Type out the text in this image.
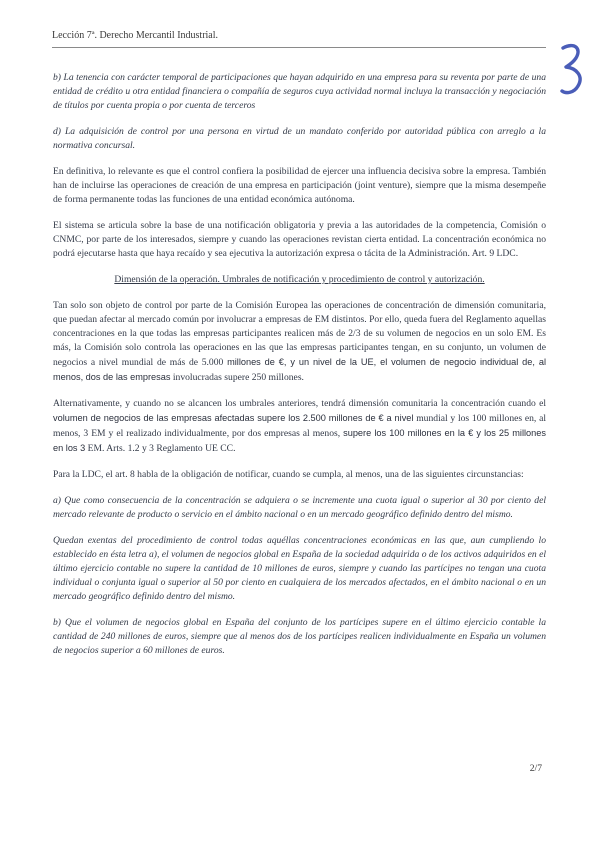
Lección 7ª. Derecho Mercantil Industrial.

b) La tenencia con carácter temporal de participaciones que hayan adquirido en una empresa para su reventa por parte de una entidad de crédito u otra entidad financiera o compañía de seguros cuya actividad normal incluya la transacción y negociación de títulos por cuenta propia o por cuenta de terceros

d) La adquisición de control por una persona en virtud de un mandato conferido por autoridad pública con arreglo a la normativa concursal.

En definitiva, lo relevante es que el control confiera la posibilidad de ejercer una influencia decisiva sobre la empresa. También han de incluirse las operaciones de creación de una empresa en participación (joint venture), siempre que la misma desempeñe de forma permanente todas las funciones de una entidad económica autónoma.

El sistema se articula sobre la base de una notificación obligatoria y previa a las autoridades de la competencia, Comisión o CNMC, por parte de los interesados, siempre y cuando las operaciones revistan cierta entidad. La concentración económica no podrá ejecutarse hasta que haya recaído y sea ejecutiva la autorización expresa o tácita de la Administración. Art. 9 LDC.

Dimensión de la operación. Umbrales de notificación y procedimiento de control y autorización.

Tan solo son objeto de control por parte de la Comisión Europea las operaciones de concentración de dimensión comunitaria, que puedan afectar al mercado común por involucrar a empresas de EM distintos. Por ello, queda fuera del Reglamento aquellas concentraciones en la que todas las empresas participantes realicen más de 2/3 de su volumen de negocios en un solo EM. Es más, la Comisión solo controla las operaciones en las que las empresas participantes tengan, en su conjunto, un volumen de negocios a nivel mundial de más de 5.000 millones de €, y un nivel de la UE, el volumen de negocio individual de, al menos, dos de las empresas involucradas supere 250 millones.

Alternativamente, y cuando no se alcancen los umbrales anteriores, tendrá dimensión comunitaria la concentración cuando el volumen de negocios de las empresas afectadas supere los 2.500 millones de € a nivel mundial y los 100 millones en, al menos, 3 EM y el realizado individualmente, por dos empresas al menos, supere los 100 millones en la € y los 25 millones en los 3 EM. Arts. 1.2 y 3 Reglamento UE CC.

Para la LDC, el art. 8 habla de la obligación de notificar, cuando se cumpla, al menos, una de las siguientes circunstancias:

a) Que como consecuencia de la concentración se adquiera o se incremente una cuota igual o superior al 30 por ciento del mercado relevante de producto o servicio en el ámbito nacional o en un mercado geográfico definido dentro del mismo.

Quedan exentas del procedimiento de control todas aquéllas concentraciones económicas en las que, aun cumpliendo lo establecido en ésta letra a), el volumen de negocios global en España de la sociedad adquirida o de los activos adquiridos en el último ejercicio contable no supere la cantidad de 10 millones de euros, siempre y cuando las partícipes no tengan una cuota individual o conjunta igual o superior al 50 por ciento en cualquiera de los mercados afectados, en el ámbito nacional o en un mercado geográfico definido dentro del mismo.

b) Que el volumen de negocios global en España del conjunto de los partícipes supere en el último ejercicio contable la cantidad de 240 millones de euros, siempre que al menos dos de los partícipes realicen individualmente en España un volumen de negocios superior a 60 millones de euros.

2/7
